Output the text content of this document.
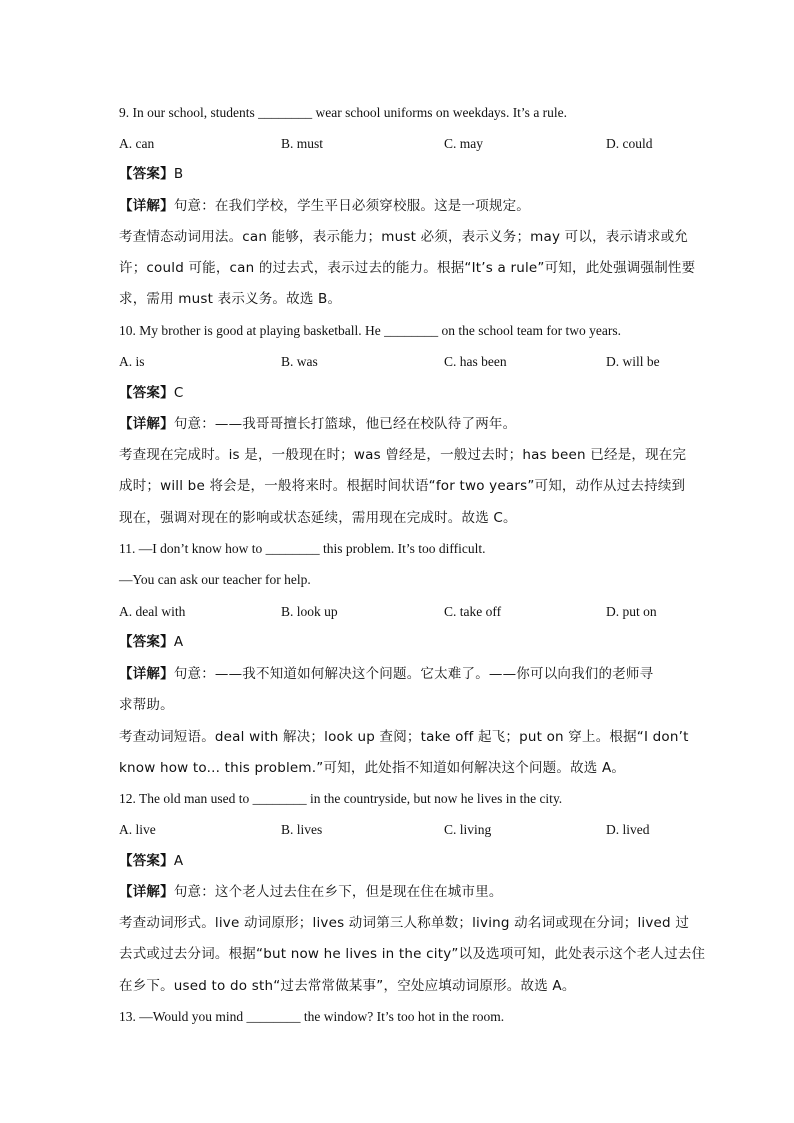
9. In our school, students ________ wear school uniforms on weekdays. It’s a rule.
A. can	B. must	C. may	D. could
【答案】B
【详解】句意：在我们学校，学生平日必须穿校服。这是一项规定。
考查情态动词用法。can 能够，表示能力；must 必须，表示义务；may 可以，表示请求或允
许；could 可能，can 的过去式，表示过去的能力。根据“It’s a rule”可知，此处强调强制性要
求，需用 must 表示义务。故选 B。
10. My brother is good at playing basketball. He ________ on the school team for two years.
A. is	B. was	C. has been	D. will be
【答案】C
【详解】句意：——我哥哥擅长打篮球，他已经在校队待了两年。
考查现在完成时。is 是，一般现在时；was 曾经是，一般过去时；has been 已经是，现在完
成时；will be 将会是，一般将来时。根据时间状语“for two years”可知，动作从过去持续到
现在，强调对现在的影响或状态延续，需用现在完成时。故选 C。
11. —I don’t know how to ________ this problem. It’s too difficult.
—You can ask our teacher for help.
A. deal with	B. look up	C. take off	D. put on
【答案】A
【详解】句意：——我不知道如何解决这个问题。它太难了。——你可以向我们的老师寻
求帮助。
考查动词短语。deal with 解决；look up 查阅；take off 起飞；put on 穿上。根据“I don’t
know how to... this problem.”可知，此处指不知道如何解决这个问题。故选 A。
12. The old man used to ________ in the countryside, but now he lives in the city.
A. live	B. lives	C. living	D. lived
【答案】A
【详解】句意：这个老人过去住在乡下，但是现在住在城市里。
考查动词形式。live 动词原形；lives 动词第三人称单数；living 动名词或现在分词；lived 过
去式或过去分词。根据“but now he lives in the city”以及选项可知，此处表示这个老人过去住
在乡下。used to do sth“过去常常做某事”，空处应填动词原形。故选 A。
13. —Would you mind ________ the window? It’s too hot in the room.
